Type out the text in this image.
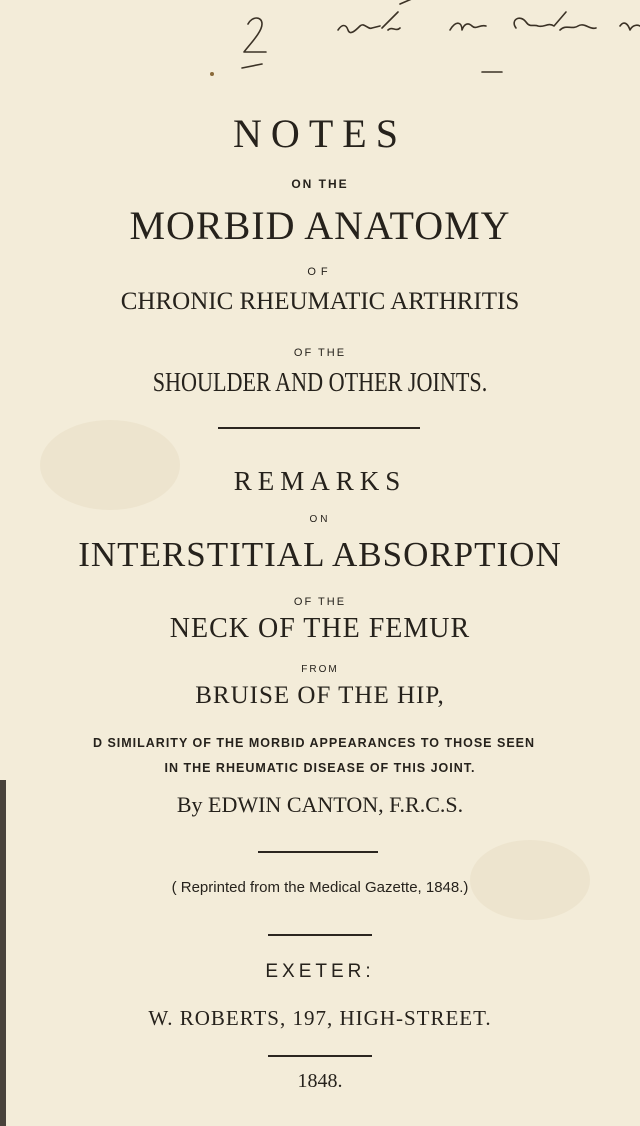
NOTES
ON THE
MORBID ANATOMY
OF
CHRONIC RHEUMATIC ARTHRITIS
OF THE
SHOULDER AND OTHER JOINTS.
REMARKS
ON
INTERSTITIAL ABSORPTION
OF THE
NECK OF THE FEMUR
FROM
BRUISE OF THE HIP,
D SIMILARITY OF THE MORBID APPEARANCES TO THOSE SEEN
IN THE RHEUMATIC DISEASE OF THIS JOINT.
By EDWIN CANTON, F.R.C.S.
( Reprinted from the Medical Gazette, 1848.)
EXETER:
W. ROBERTS, 197, HIGH-STREET.
1848.
